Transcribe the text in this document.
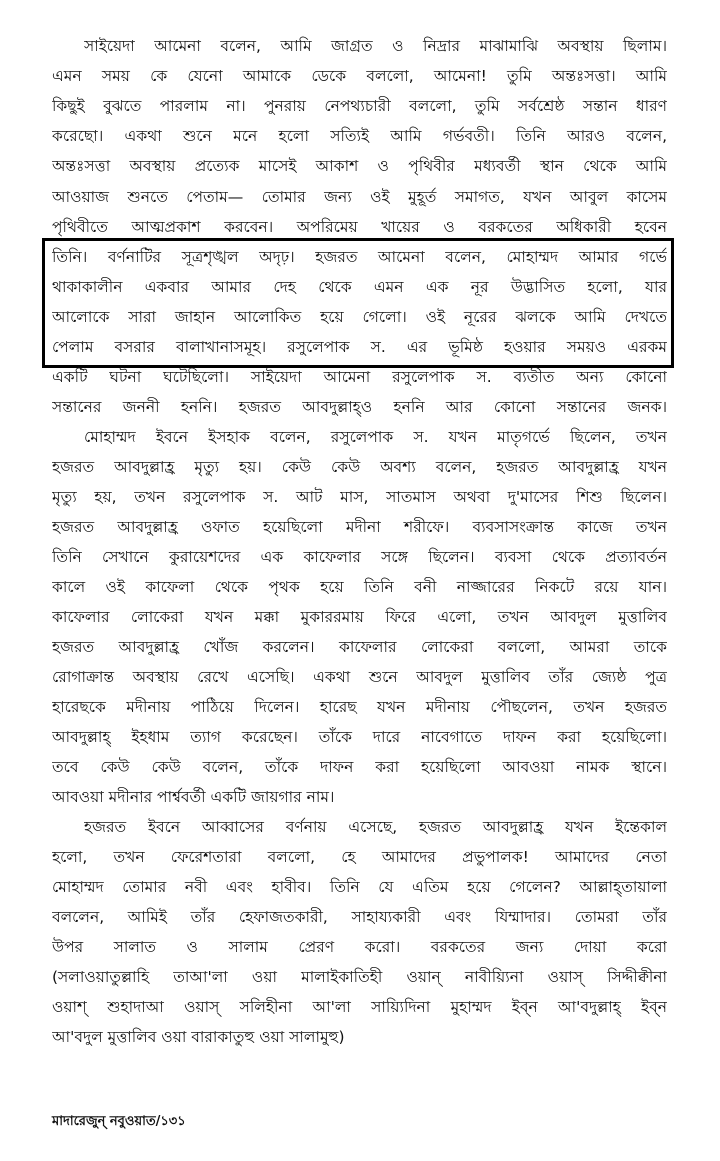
সাইয়েদা আমেনা বলেন, আমি জাগ্রত ও নিদ্রার মাঝামাঝি অবস্থায় ছিলাম।
এমন সময় কে যেনো আমাকে ডেকে বললো, আমেনা! তুমি অন্তঃসত্তা। আমি
কিছুই বুঝতে পারলাম না। পুনরায় নেপথ্যচারী বললো, তুমি সর্বশ্রেষ্ঠ সন্তান ধারণ
করেছো। একথা শুনে মনে হলো সত্যিই আমি গর্ভবতী। তিনি আরও বলেন,
অন্তঃসত্তা অবস্থায় প্রত্যেক মাসেই আকাশ ও পৃথিবীর মধ্যবর্তী স্থান থেকে আমি
আওয়াজ শুনতে পেতাম— তোমার জন্য ওই মুহূর্ত সমাগত, যখন আবুল কাসেম
পৃথিবীতে আত্মপ্রকাশ করবেন। অপরিমেয় খায়ের ও বরকতের অধিকারী হবেন
তিনি। বর্ণনাটির সূত্রশৃঙ্খল অদৃঢ়। হজরত আমেনা বলেন, মোহাম্মদ আমার গর্ভে
থাকাকালীন একবার আমার দেহ থেকে এমন এক নূর উদ্ভাসিত হলো, যার
আলোকে সারা জাহান আলোকিত হয়ে গেলো। ওই নূরের ঝলকে আমি দেখতে
পেলাম বসরার বালাখানাসমূহ। রসুলেপাক স. এর ভূমিষ্ঠ হওয়ার সময়ও এরকম
একটি ঘটনা ঘটেছিলো। সাইয়েদা আমেনা রসুলেপাক স. ব্যতীত অন্য কোনো
সন্তানের জননী হননি। হজরত আবদুল্লাহ্ও হননি আর কোনো সন্তানের জনক।
মোহাম্মদ ইবনে ইসহাক বলেন, রসুলেপাক স. যখন মাতৃগর্ভে ছিলেন, তখন
হজরত আবদুল্লাহ্র মৃত্যু হয়। কেউ কেউ অবশ্য বলেন, হজরত আবদুল্লাহ্র যখন
মৃত্যু হয়, তখন রসুলেপাক স. আট মাস, সাতমাস অথবা দু'মাসের শিশু ছিলেন।
হজরত আবদুল্লাহ্র ওফাত হয়েছিলো মদীনা শরীফে। ব্যবসাসংক্রান্ত কাজে তখন
তিনি সেখানে কুরায়েশদের এক কাফেলার সঙ্গে ছিলেন। ব্যবসা থেকে প্রত্যাবর্তন
কালে ওই কাফেলা থেকে পৃথক হয়ে তিনি বনী নাজ্জারের নিকটে রয়ে যান।
কাফেলার লোকেরা যখন মক্কা মুকাররমায় ফিরে এলো, তখন আবদুল মুত্তালিব
হজরত আবদুল্লাহ্র খোঁজ করলেন। কাফেলার লোকেরা বললো, আমরা তাকে
রোগাক্রান্ত অবস্থায় রেখে এসেছি। একথা শুনে আবদুল মুত্তালিব তাঁর জ্যেষ্ঠ পুত্র
হারেছকে মদীনায় পাঠিয়ে দিলেন। হারেছ যখন মদীনায় পৌছলেন, তখন হজরত
আবদুল্লাহ্ ইহধাম ত্যাগ করেছেন। তাঁকে দারে নাবেগাতে দাফন করা হয়েছিলো।
তবে কেউ কেউ বলেন, তাঁকে দাফন করা হয়েছিলো আবওয়া নামক স্থানে।
আবওয়া মদীনার পার্শ্ববর্তী একটি জায়গার নাম।
হজরত ইবনে আব্বাসের বর্ণনায় এসেছে, হজরত আবদুল্লাহ্র যখন ইন্তেকাল
হলো, তখন ফেরেশতারা বললো, হে আমাদের প্রভুপালক! আমাদের নেতা
মোহাম্মদ তোমার নবী এবং হাবীব। তিনি যে এতিম হয়ে গেলেন? আল্লাহ্তায়ালা
বললেন, আমিই তাঁর হেফাজতকারী, সাহায্যকারী এবং যিম্মাদার। তোমরা তাঁর
উপর সালাত ও সালাম প্রেরণ করো। বরকতের জন্য দোয়া করো
(সলাওয়াতুল্লাহি তাআ'লা ওয়া মালাইকাতিহী ওয়ান্ নাবীয়্যিনা ওয়াস্ সিদ্দীক্বীনা
ওয়াশ্ শুহাদাআ ওয়াস্ সলিহীনা আ'লা সায়্যিদিনা মুহাম্মদ ইব্ন আ'বদুল্লাহ্ ইব্ন
আ'বদুল মুত্তালিব ওয়া বারাকাতুহু ওয়া সালামুহু)
মাদারেজুন্ নবুওয়াত/১৩১
